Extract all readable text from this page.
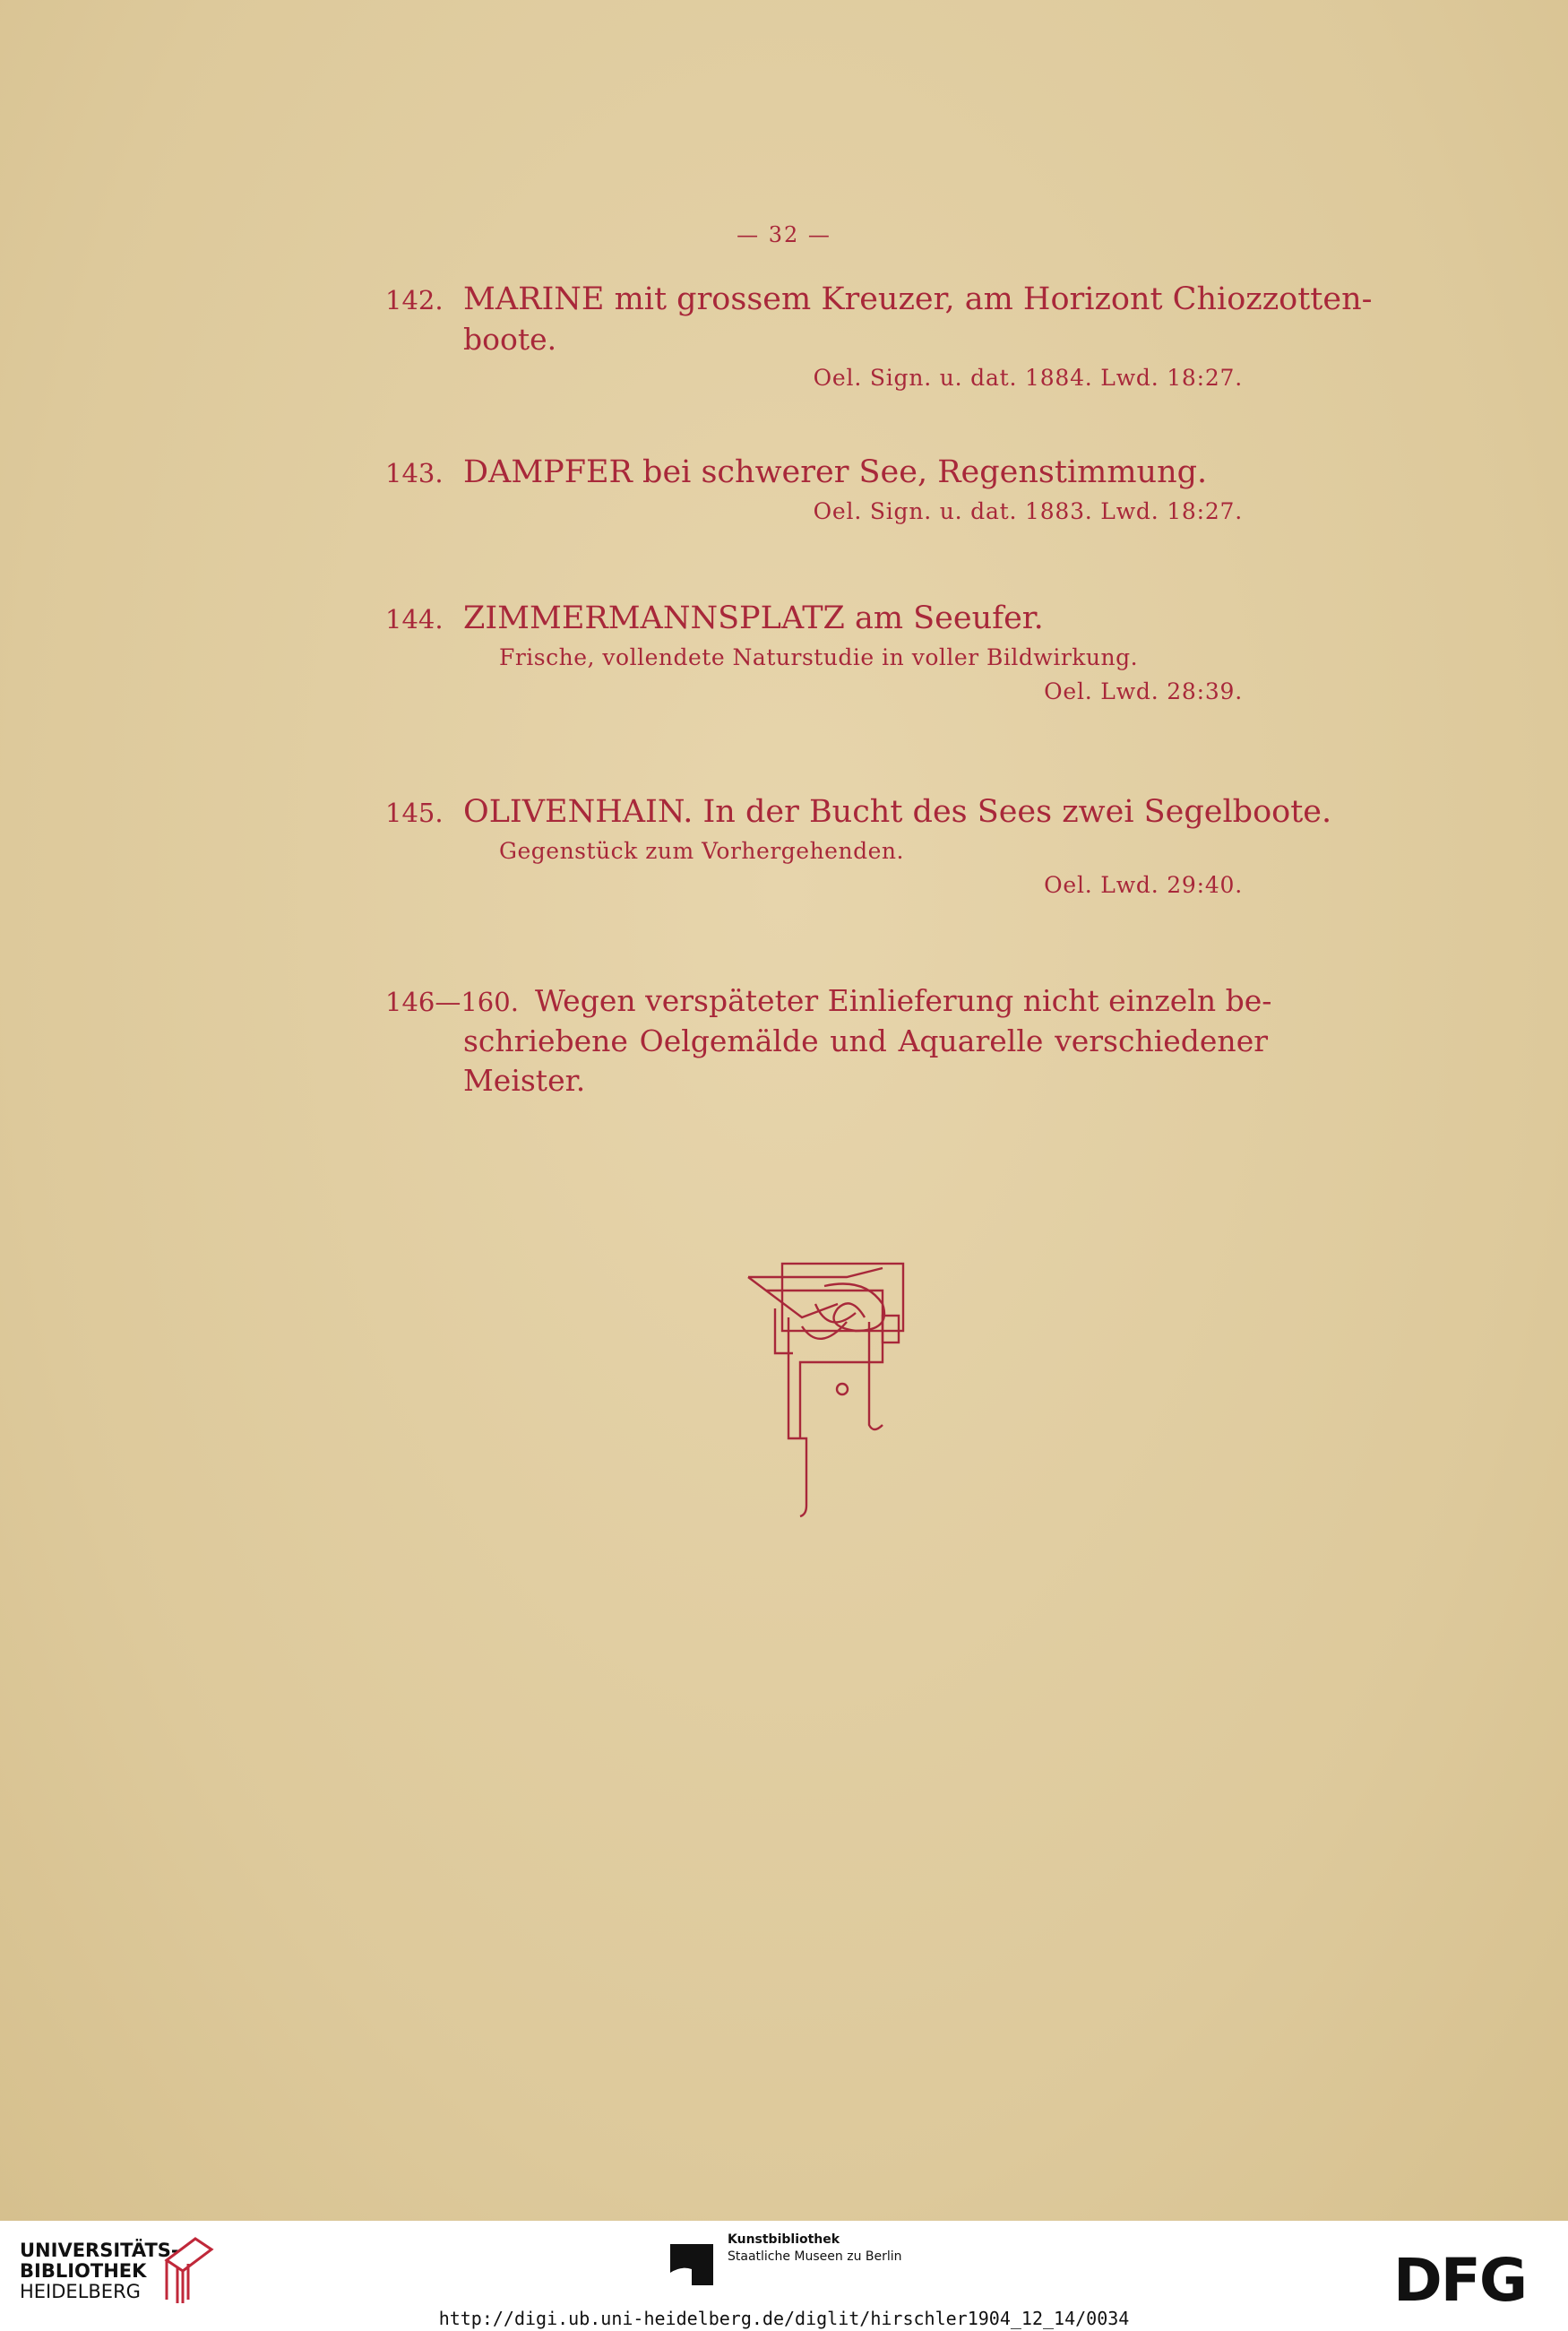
— 32 —
142. MARINE mit grossem Kreuzer, am Horizont Chiozzotten-
boote.
Oel. Sign. u. dat. 1884. Lwd. 18:27.
143. DAMPFER bei schwerer See, Regenstimmung.
Oel. Sign. u. dat. 1883. Lwd. 18:27.
144. ZIMMERMANNSPLATZ am Seeufer.
Frische, vollendete Naturstudie in voller Bildwirkung.
Oel. Lwd. 28:39.
145. OLIVENHAIN. In der Bucht des Sees zwei Segelboote.
Gegenstück zum Vorhergehenden.
Oel. Lwd. 29:40.
146—160. Wegen verspäteter Einlieferung nicht einzeln be-
schriebene Oelgemälde und Aquarelle verschiedener
Meister.
UNIVERSITÄTS-
BIBLIOTHEK
HEIDELBERG
Kunstbibliothek
Staatliche Museen zu Berlin	DFG
http://digi.ub.uni-heidelberg.de/diglit/hirschler1904_12_14/0034
